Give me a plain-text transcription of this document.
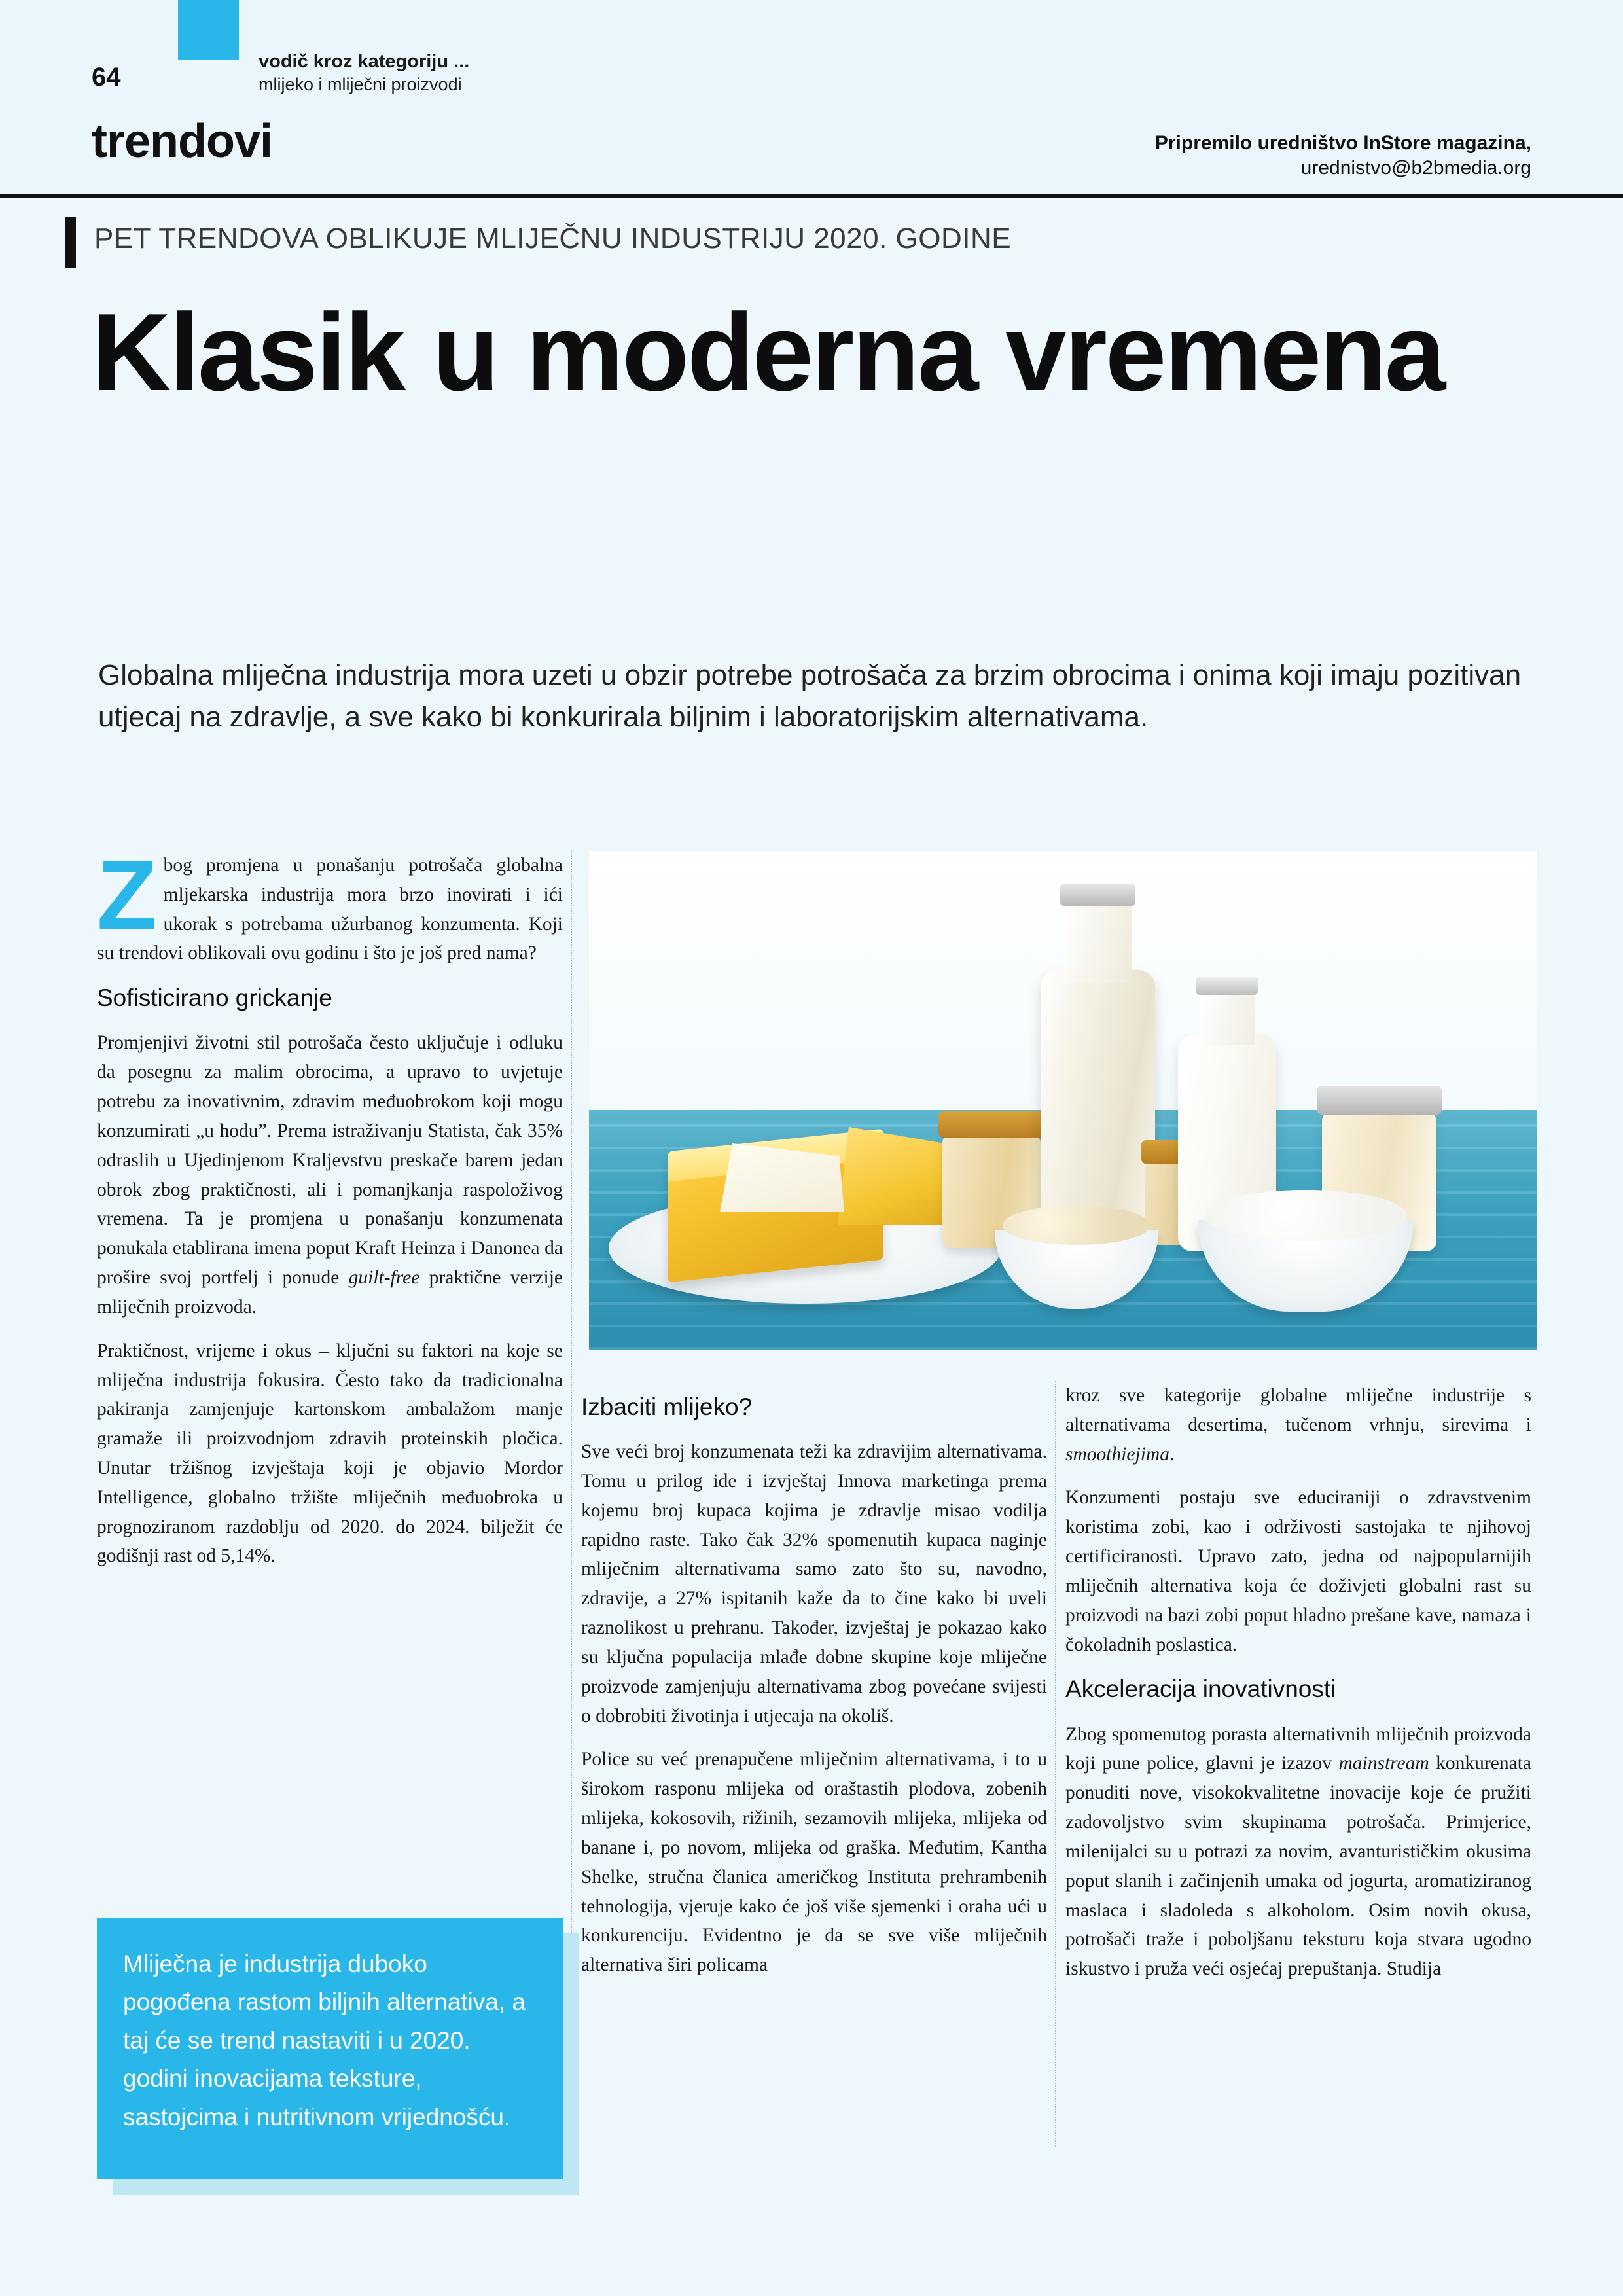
64
vodič kroz kategoriju ...
mlijeko i mliječni proizvodi
trendovi	Pripremilo uredništvo InStore magazina,
urednistvo@b2bmedia.org
PET TRENDOVA OBLIKUJE MLIJEČNU INDUSTRIJU 2020. GODINE
Klasik u moderna vremena
Globalna mliječna industrija mora uzeti u obzir potrebe potrošača za brzim obrocima i onima koji imaju pozitivan utjecaj na zdravlje, a sve kako bi konkurirala biljnim i laboratorijskim alternativama.

Zbog promjena u ponašanju potrošača globalna mljekarska industrija mora brzo inovirati i ići ukorak s potrebama užurbanog konzumenta. Koji su trendovi oblikovali ovu godinu i što je još pred nama?

Sofisticirano grickanje

Promjenjivi životni stil potrošača često uključuje i odluku da posegnu za malim obrocima, a upravo to uvjetuje potrebu za inovativnim, zdravim međuobrokom koji mogu konzumirati „u hodu”. Prema istraživanju Statista, čak 35% odraslih u Ujedinjenom Kraljevstvu preskače barem jedan obrok zbog praktičnosti, ali i pomanjkanja raspoloživog vremena. Ta je promjena u ponašanju konzumenata ponukala etablirana imena poput Kraft Heinza i Danonea da prošire svoj portfelj i ponude guilt-free praktične verzije mliječnih proizvoda.

Praktičnost, vrijeme i okus – ključni su faktori na koje se mliječna industrija fokusira. Često tako da tradicionalna pakiranja zamjenjuje kartonskom ambalažom manje gramaže ili proizvodnjom zdravih proteinskih pločica. Unutar tržišnog izvještaja koji je objavio Mordor Intelligence, globalno tržište mliječnih međuobroka u prognoziranom razdoblju od 2020. do 2024. bilježit će godišnji rast od 5,14%.

Mliječna je industrija duboko pogođena rastom biljnih alternativa, a taj će se trend nastaviti i u 2020. godini inovacijama teksture, sastojcima i nutritivnom vrijednošću.
Izbaciti mlijeko?

Sve veći broj konzumenata teži ka zdravijim alternativama. Tomu u prilog ide i izvještaj Innova marketinga prema kojemu broj kupaca kojima je zdravlje misao vodilja rapidno raste. Tako čak 32% spomenutih kupaca naginje mliječnim alternativama samo zato što su, navodno, zdravije, a 27% ispitanih kaže da to čine kako bi uveli raznolikost u prehranu. Također, izvještaj je pokazao kako su ključna populacija mlađe dobne skupine koje mliječne proizvode zamjenjuju alternativama zbog povećane svijesti o dobrobiti životinja i utjecaja na okoliš.

Police su već prenapučene mliječnim alternativama, i to u širokom rasponu mlijeka od oraštastih plodova, zobenih mlijeka, kokosovih, rižinih, sezamovih mlijeka, mlijeka od banane i, po novom, mlijeka od graška. Međutim, Kantha Shelke, stručna članica američkog Instituta prehrambenih tehnologija, vjeruje kako će još više sjemenki i oraha ući u konkurenciju. Evidentno je da se sve više mliječnih alternativa širi policama

kroz sve kategorije globalne mliječne industrije s alternativama desertima, tučenom vrhnju, sirevima i smoothiejima.

Konzumenti postaju sve educiraniji o zdravstvenim koristima zobi, kao i održivosti sastojaka te njihovoj certificiranosti. Upravo zato, jedna od najpopularnijih mliječnih alternativa koja će doživjeti globalni rast su proizvodi na bazi zobi poput hladno prešane kave, namaza i čokoladnih poslastica.

Akceleracija inovativnosti

Zbog spomenutog porasta alternativnih mliječnih proizvoda koji pune police, glavni je izazov mainstream konkurenata ponuditi nove, visokokvalitetne inovacije koje će pružiti zadovoljstvo svim skupinama potrošača. Primjerice, milenijalci su u potrazi za novim, avanturističkim okusima poput slanih i začinjenih umaka od jogurta, aromatiziranog maslaca i sladoleda s alkoholom. Osim novih okusa, potrošači traže i poboljšanu teksturu koja stvara ugodno iskustvo i pruža veći osjećaj prepuštanja. Studija
